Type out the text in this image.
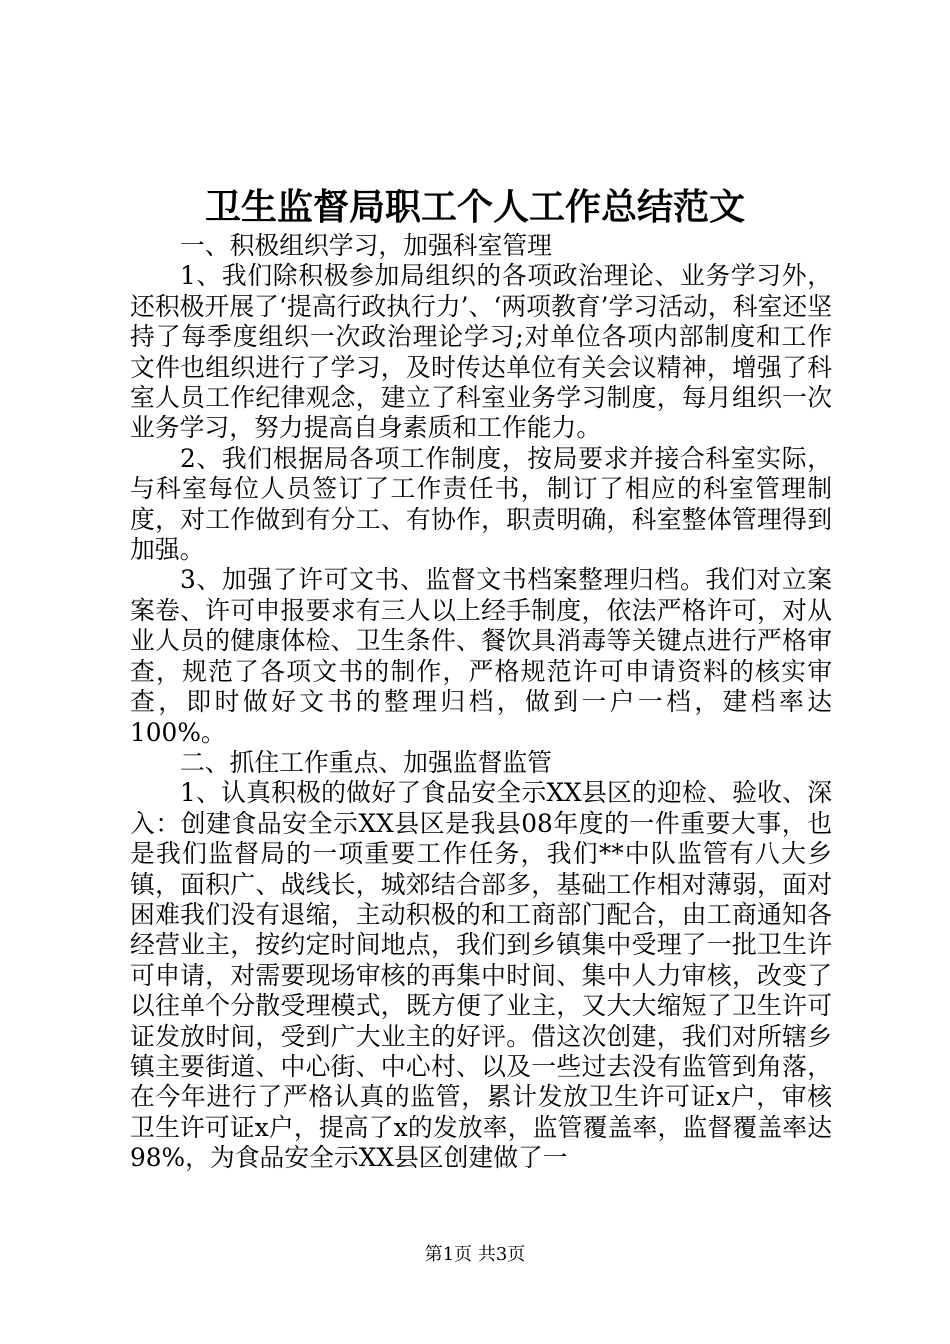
卫生监督局职工个人工作总结范文

一、积极组织学习，加强科室管理

1、我们除积极参加局组织的各项政治理论、业务学习外，还积极开展了‘提高行政执行力’、‘两项教育’学习活动，科室还坚持了每季度组织一次政治理论学习;对单位各项内部制度和工作文件也组织进行了学习，及时传达单位有关会议精神，增强了科室人员工作纪律观念，建立了科室业务学习制度，每月组织一次业务学习，努力提高自身素质和工作能力。

2、我们根据局各项工作制度，按局要求并接合科室实际，与科室每位人员签订了工作责任书，制订了相应的科室管理制度，对工作做到有分工、有协作，职责明确，科室整体管理得到加强。

3、加强了许可文书、监督文书档案整理归档。我们对立案案卷、许可申报要求有三人以上经手制度，依法严格许可，对从业人员的健康体检、卫生条件、餐饮具消毒等关键点进行严格审查，规范了各项文书的制作，严格规范许可申请资料的核实审查，即时做好文书的整理归档，做到一户一档，建档率达100%。

二、抓住工作重点、加强监督监管

1、认真积极的做好了食品安全示XX县区的迎检、验收、深入：创建食品安全示XX县区是我县08年度的一件重要大事，也是我们监督局的一项重要工作任务，我们**中队监管有八大乡镇，面积广、战线长，城郊结合部多，基础工作相对薄弱，面对困难我们没有退缩，主动积极的和工商部门配合，由工商通知各经营业主，按约定时间地点，我们到乡镇集中受理了一批卫生许可申请，对需要现场审核的再集中时间、集中人力审核，改变了以往单个分散受理模式，既方便了业主，又大大缩短了卫生许可证发放时间，受到广大业主的好评。借这次创建，我们对所辖乡镇主要街道、中心街、中心村、以及一些过去没有监管到角落，在今年进行了严格认真的监管，累计发放卫生许可证x户，审核卫生许可证x户，提高了x的发放率，监管覆盖率，监督覆盖率达98%，为食品安全示XX县区创建做了一

第1页 共3页
